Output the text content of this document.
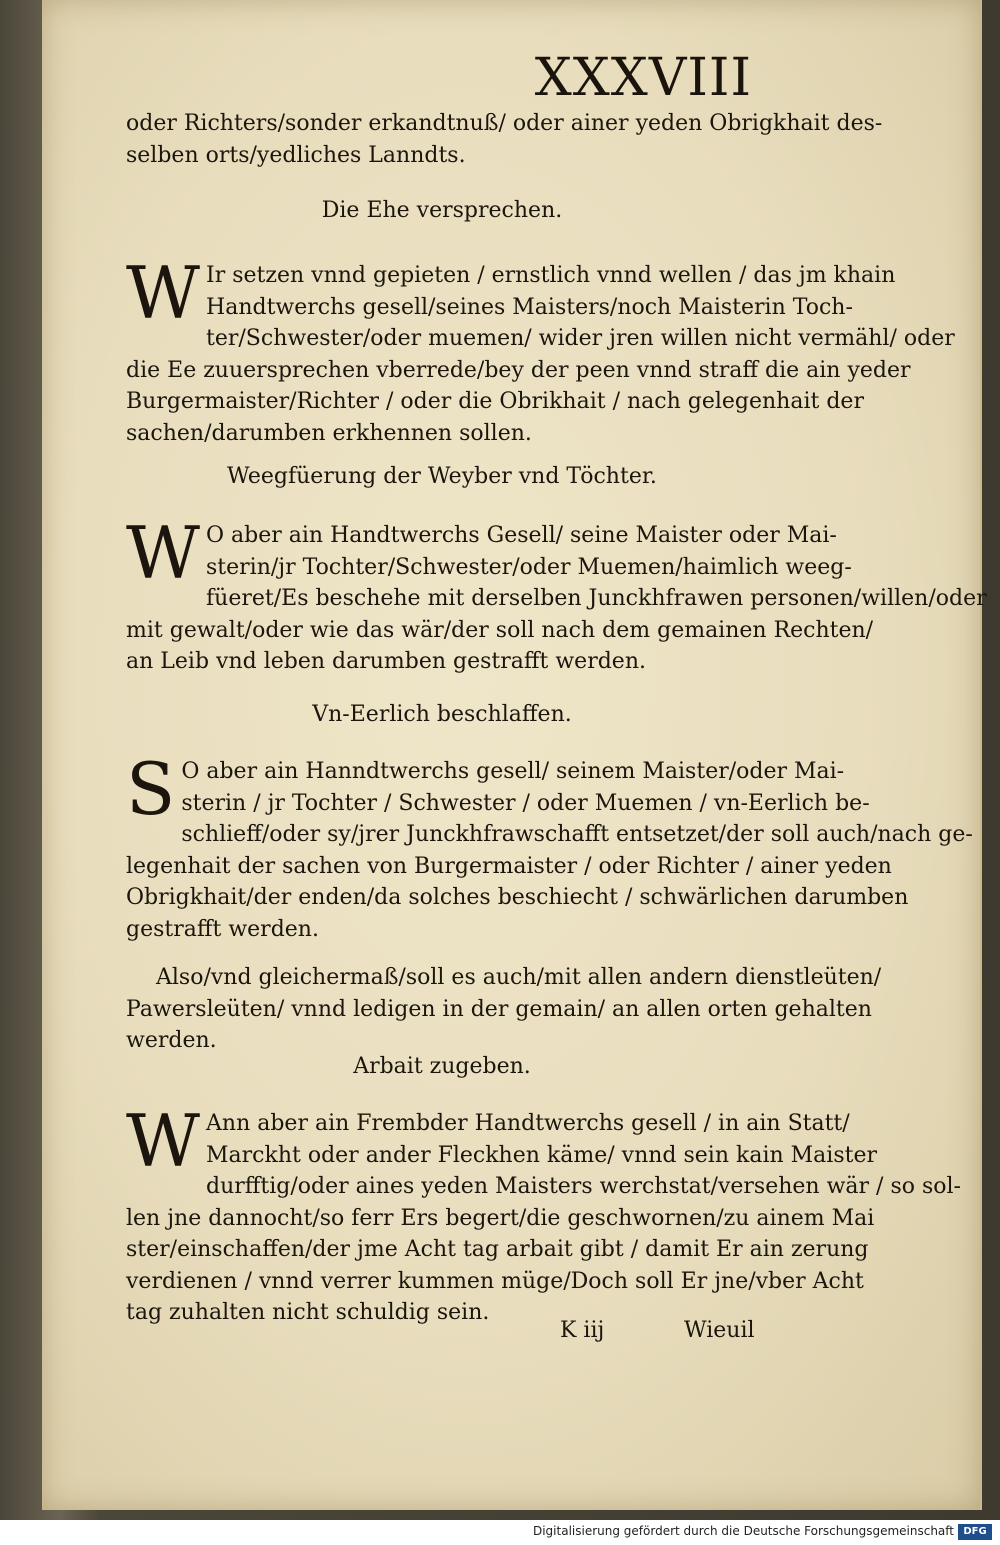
XXXVIII
oder Richters/sonder erkandtnuß/ oder ainer yeden Obrigkhait des-
selben orts/yedliches Lanndts.
Die Ehe versprechen.
W Ir setzen vnnd gepieten / ernstlich vnnd wellen / das jm khain
Handtwerchs gesell/seines Maisters/noch Maisterin Toch-
ter/Schwester/oder muemen/ wider jren willen nicht vermähl/ oder
die Ee zuuersprechen vberrede/bey der peen vnnd straff die ain yeder
Burgermaister/Richter / oder die Obrikhait / nach gelegenhait der
sachen/darumben erkhennen sollen.
Weegfüerung der Weyber vnd Töchter.
W O aber ain Handtwerchs Gesell/ seine Maister oder Mai-
sterin/jr Tochter/Schwester/oder Muemen/haimlich weeg-
füeret/Es beschehe mit derselben Junckhfrawen personen/willen/oder
mit gewalt/oder wie das wär/der soll nach dem gemainen Rechten/
an Leib vnd leben darumben gestrafft werden.
Vn-Eerlich beschlaffen.
S O aber ain Hanndtwerchs gesell/ seinem Maister/oder Mai-
sterin / jr Tochter / Schwester / oder Muemen / vn-Eerlich be-
schlieff/oder sy/jrer Junckhfrawschafft entsetzet/der soll auch/nach ge-
legenhait der sachen von Burgermaister / oder Richter / ainer yeden
Obrigkhait/der enden/da solches beschiecht / schwärlichen darumben
gestrafft werden.
Also/vnd gleichermaß/soll es auch/mit allen andern dienstleüten/
Pawersleüten/ vnnd ledigen in der gemain/ an allen orten gehalten
werden.
Arbait zugeben.
W Ann aber ain Frembder Handtwerchs gesell / in ain Statt/
Marckht oder ander Fleckhen käme/ vnnd sein kain Maister
durfftig/oder aines yeden Maisters werchstat/versehen wär / so sol-
len jne dannocht/so ferr Ers begert/die geschwornen/zu ainem Mai
ster/einschaffen/der jme Acht tag arbait gibt / damit Er ain zerung
verdienen / vnnd verrer kummen müge/Doch soll Er jne/vber Acht
tag zuhalten nicht schuldig sein.
K iij	Wieuil
Digitalisierung gefördert durch die Deutsche Forschungsgemeinschaft DFG
